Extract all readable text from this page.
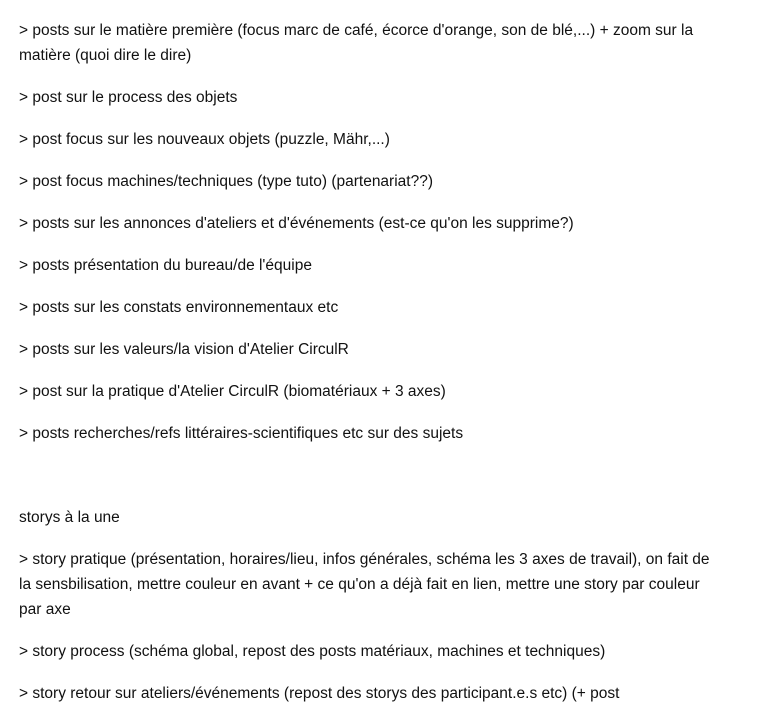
> posts sur le matière première (focus marc de café, écorce d'orange, son de blé,...) + zoom sur la matière (quoi dire le dire)

> post sur le process des objets

> post focus sur les nouveaux objets (puzzle, Mähr,...)

> post focus machines/techniques (type tuto) (partenariat??)

> posts sur les annonces d'ateliers et d'événements (est-ce qu'on les supprime?)

> posts présentation du bureau/de l'équipe

> posts sur les constats environnementaux etc

> posts sur les valeurs/la vision d'Atelier CirculR

> post sur la pratique d'Atelier CirculR (biomatériaux + 3 axes)

> posts recherches/refs littéraires-scientifiques etc sur des sujets

storys à la une

> story pratique (présentation, horaires/lieu, infos générales, schéma les 3 axes de travail), on fait de la sensbilisation, mettre couleur en avant + ce qu'on a déjà fait en lien, mettre une story par couleur par axe

> story process (schéma global, repost des posts matériaux, machines et techniques)

> story retour sur ateliers/événements (repost des storys des participant.e.s etc) (+ post
